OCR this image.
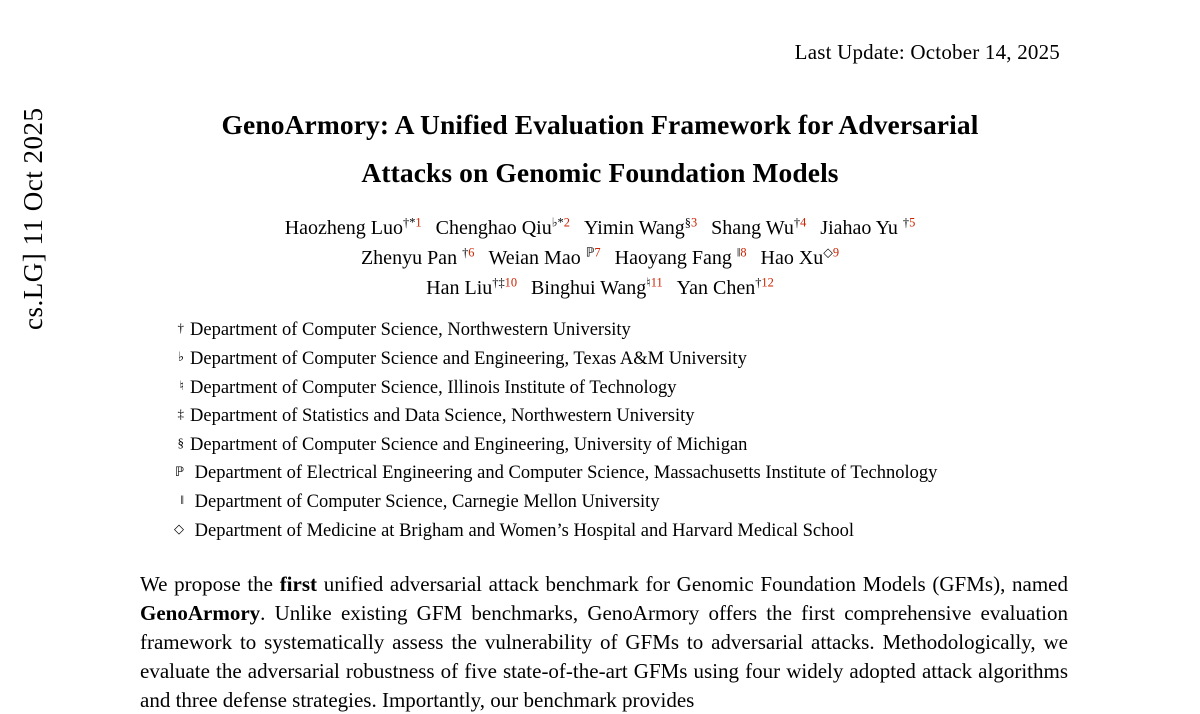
cs.LG] 11 Oct 2025
Last Update: October 14, 2025
GenoArmory: A Unified Evaluation Framework for Adversarial
Attacks on Genomic Foundation Models
Haozheng Luo$^{\dagger*1}$ Chenghao Qiu$^{♭*2}$ Yimin Wang$^{\S 3}$ Shang Wu$^{\dagger 4}$ Jiahao Yu $^{\dagger 5}$
Zhenyu Pan $^{\dagger 6}$ Weian Mao $^{ℙ7}$ Haoyang Fang $^{‖8}$ Hao $Xu^{◇9}$
Han Liu$^{\dagger\ddagger 10}$ Binghui Wang$^{♮11}$ Yan Chen$^{\dagger 12}$
† Department of Computer Science, Northwestern University
♭ Department of Computer Science and Engineering, Texas A&M University
♮ Department of Computer Science, Illinois Institute of Technology
‡ Department of Statistics and Data Science, Northwestern University
§ Department of Computer Science and Engineering, University of Michigan
ℙ Department of Electrical Engineering and Computer Science, Massachusetts Institute of Technology
‖ Department of Computer Science, Carnegie Mellon University
◇ Department of Medicine at Brigham and Women’s Hospital and Harvard Medical School
We propose the first unified adversarial attack benchmark for Genomic Foundation Models (GFMs), named GenoArmory. Unlike existing GFM benchmarks, GenoArmory offers the first comprehensive evaluation framework to systematically assess the vulnerability of GFMs to adversarial attacks. Methodologically, we evaluate the adversarial robustness of five state-of-the-art GFMs using four widely adopted attack algorithms and three defense strategies. Importantly, our benchmark provides
